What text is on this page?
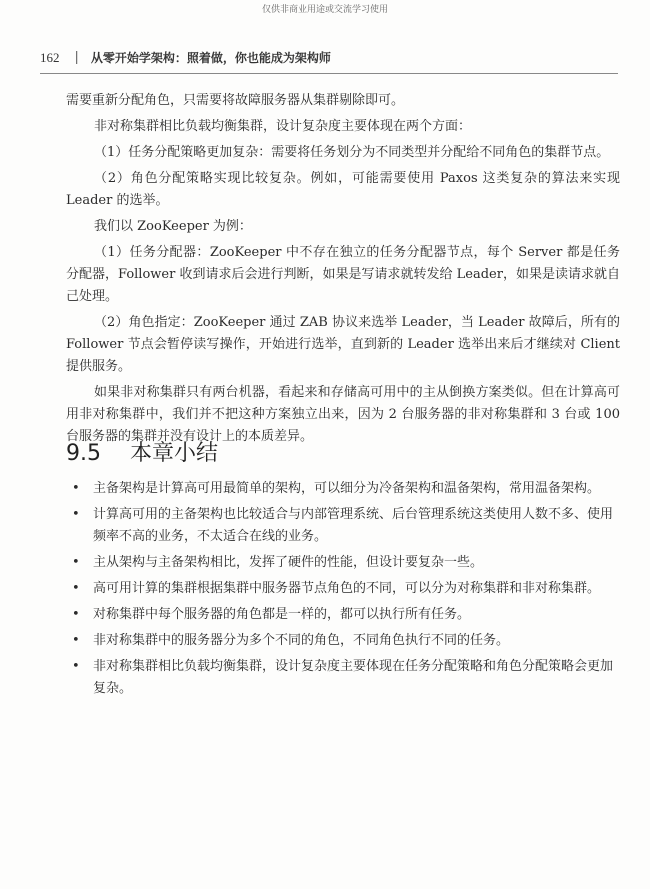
仅供非商业用途或交流学习使用
162 | 从零开始学架构：照着做，你也能成为架构师

需要重新分配角色，只需要将故障服务器从集群剔除即可。

非对称集群相比负载均衡集群，设计复杂度主要体现在两个方面：

（1）任务分配策略更加复杂：需要将任务划分为不同类型并分配给不同角色的集群节点。

（2）角色分配策略实现比较复杂。例如，可能需要使用 Paxos 这类复杂的算法来实现 Leader 的选举。

我们以 ZooKeeper 为例：

（1）任务分配器：ZooKeeper 中不存在独立的任务分配器节点，每个 Server 都是任务分配器，Follower 收到请求后会进行判断，如果是写请求就转发给 Leader，如果是读请求就自己处理。

（2）角色指定：ZooKeeper 通过 ZAB 协议来选举 Leader，当 Leader 故障后，所有的 Follower 节点会暂停读写操作，开始进行选举，直到新的 Leader 选举出来后才继续对 Client 提供服务。

如果非对称集群只有两台机器，看起来和存储高可用中的主从倒换方案类似。但在计算高可用非对称集群中，我们并不把这种方案独立出来，因为 2 台服务器的非对称集群和 3 台或 100 台服务器的集群并没有设计上的本质差异。

9.5 本章小结
• 主备架构是计算高可用最简单的架构，可以细分为冷备架构和温备架构，常用温备架构。
• 计算高可用的主备架构也比较适合与内部管理系统、后台管理系统这类使用人数不多、使用频率不高的业务，不太适合在线的业务。
• 主从架构与主备架构相比，发挥了硬件的性能，但设计要复杂一些。
• 高可用计算的集群根据集群中服务器节点角色的不同，可以分为对称集群和非对称集群。
• 对称集群中每个服务器的角色都是一样的，都可以执行所有任务。
• 非对称集群中的服务器分为多个不同的角色，不同角色执行不同的任务。
• 非对称集群相比负载均衡集群，设计复杂度主要体现在任务分配策略和角色分配策略会更加复杂。
